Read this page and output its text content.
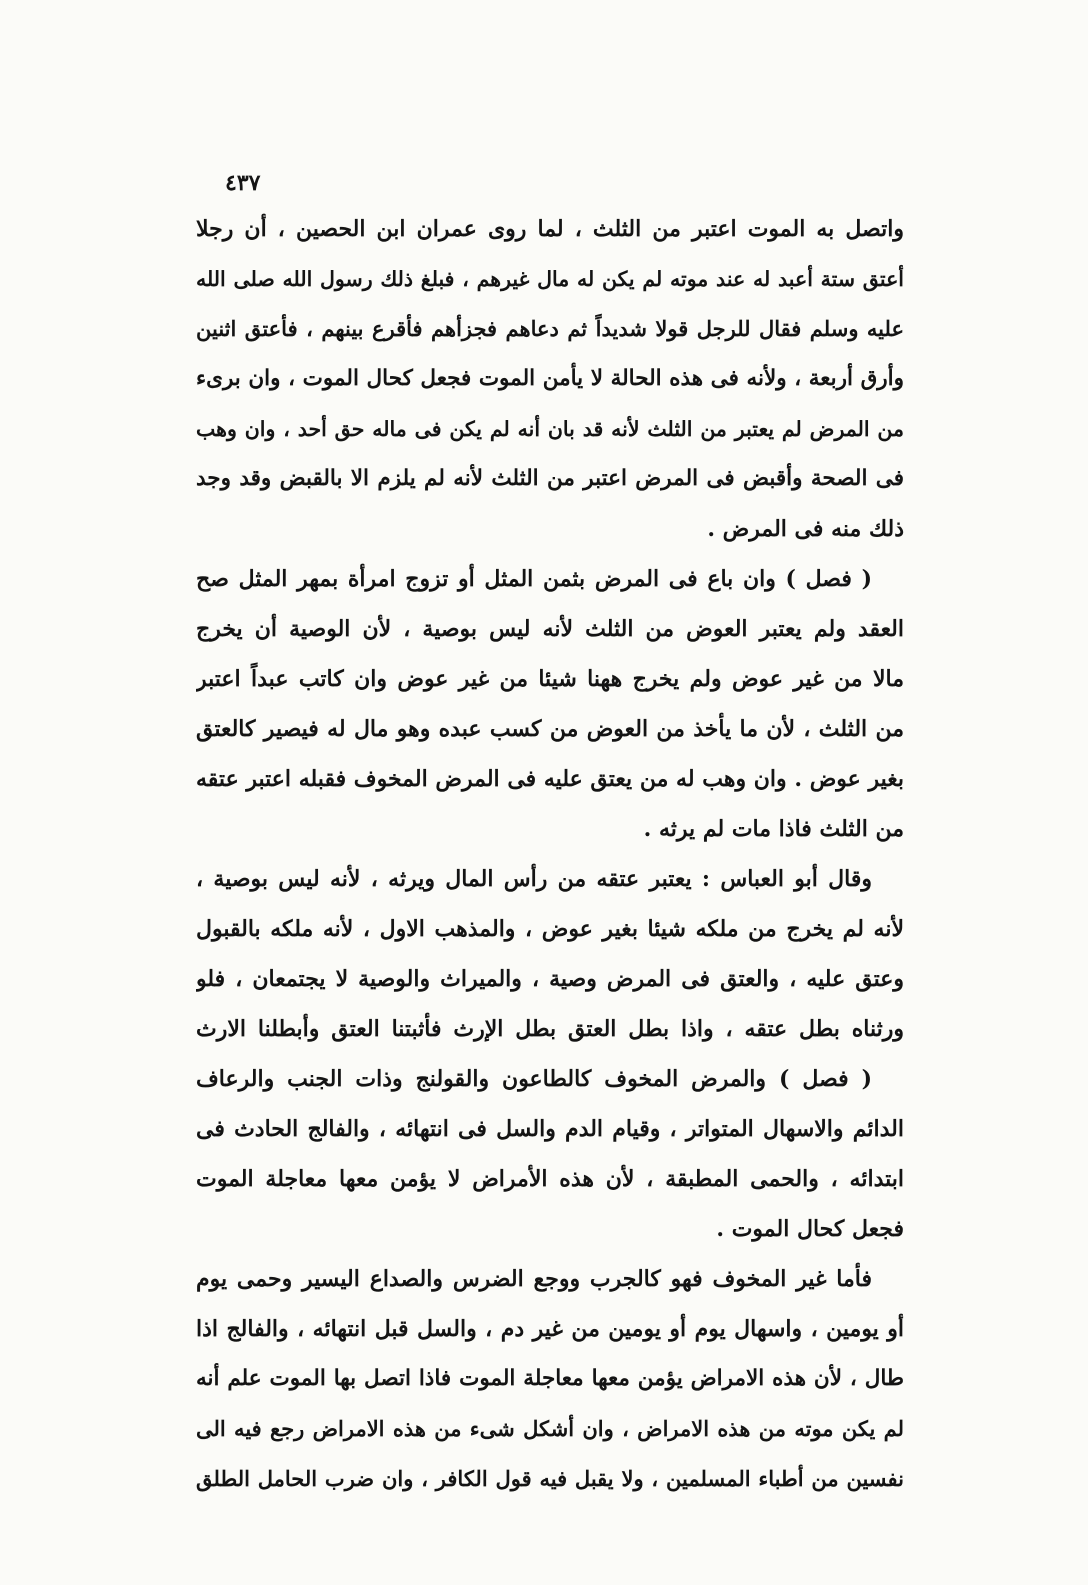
٤٣٧
واتصل به الموت اعتبر من الثلث ، لما روى عمران ابن الحصين ، أن رجلا
أعتق ستة أعبد له عند موته لم يكن له مال غيرهم ، فبلغ ذلك رسول الله صلى الله
عليه وسلم فقال للرجل قولا شديداً ثم دعاهم فجزأهم فأقرع بينهم ، فأعتق اثنين
وأرق أربعة ، ولأنه فى هذه الحالة لا يأمن الموت فجعل كحال الموت ، وان برىء
من المرض لم يعتبر من الثلث لأنه قد بان أنه لم يكن فى ماله حق أحد ، وان وهب
فى الصحة وأقبض فى المرض اعتبر من الثلث لأنه لم يلزم الا بالقبض وقد وجد
ذلك منه فى المرض .
( فصل ) وان باع فى المرض بثمن المثل أو تزوج امرأة بمهر المثل صح
العقد ولم يعتبر العوض من الثلث لأنه ليس بوصية ، لأن الوصية أن يخرج
مالا من غير عوض ولم يخرج ههنا شيئا من غير عوض وان كاتب عبداً اعتبر
من الثلث ، لأن ما يأخذ من العوض من كسب عبده وهو مال له فيصير كالعتق
بغير عوض . وان وهب له من يعتق عليه فى المرض المخوف فقبله اعتبر عتقه
من الثلث فاذا مات لم يرثه .
وقال أبو العباس : يعتبر عتقه من رأس المال ويرثه ، لأنه ليس بوصية ،
لأنه لم يخرج من ملكه شيئا بغير عوض ، والمذهب الاول ، لأنه ملكه بالقبول
وعتق عليه ، والعتق فى المرض وصية ، والميراث والوصية لا يجتمعان ، فلو
ورثناه بطل عتقه ، واذا بطل العتق بطل الإرث فأثبتنا العتق وأبطلنا الارث
( فصل ) والمرض المخوف كالطاعون والقولنج وذات الجنب والرعاف
الدائم والاسهال المتواتر ، وقيام الدم والسل فى انتهائه ، والفالج الحادث فى
ابتدائه ، والحمى المطبقة ، لأن هذه الأمراض لا يؤمن معها معاجلة الموت
فجعل كحال الموت .
فأما غير المخوف فهو كالجرب ووجع الضرس والصداع اليسير وحمى يوم
أو يومين ، واسهال يوم أو يومين من غير دم ، والسل قبل انتهائه ، والفالج اذا
طال ، لأن هذه الامراض يؤمن معها معاجلة الموت فاذا اتصل بها الموت علم أنه
لم يكن موته من هذه الامراض ، وان أشكل شىء من هذه الامراض رجع فيه الى
نفسين من أطباء المسلمين ، ولا يقبل فيه قول الكافر ، وان ضرب الحامل الطلق
